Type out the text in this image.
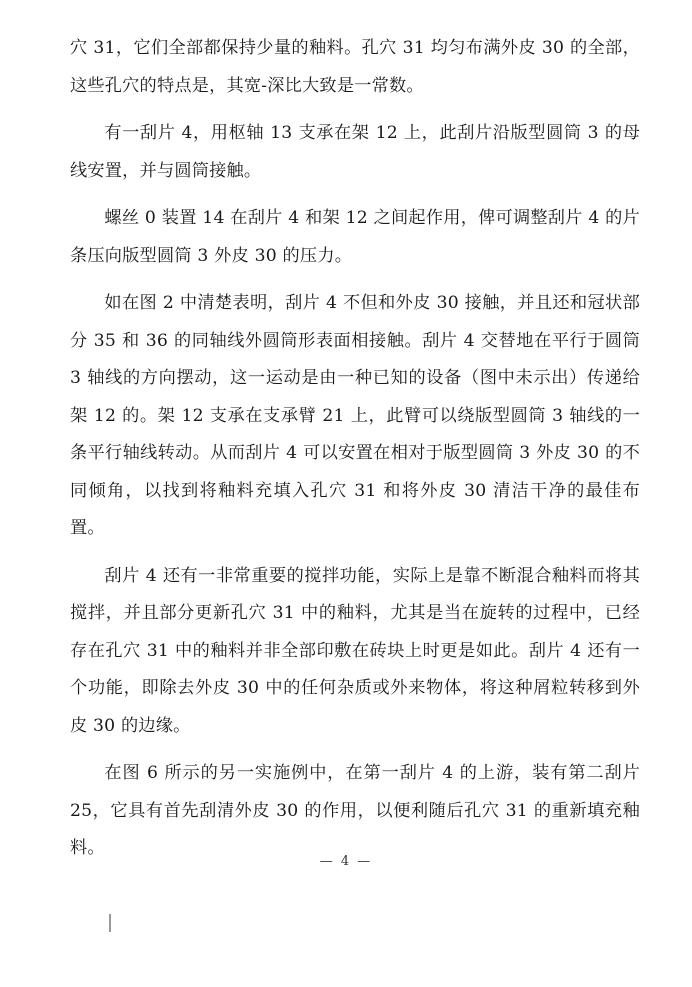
穴 31，它们全部都保持少量的釉料。孔穴 31 均匀布满外皮 30 的全部，这些孔穴的特点是，其宽-深比大致是一常数。

有一刮片 4，用枢轴 13 支承在架 12 上，此刮片沿版型圆筒 3 的母线安置，并与圆筒接触。

螺丝 0 装置 14 在刮片 4 和架 12 之间起作用，俾可调整刮片 4 的片条压向版型圆筒 3 外皮 30 的压力。

如在图 2 中清楚表明，刮片 4 不但和外皮 30 接触，并且还和冠状部分 35 和 36 的同轴线外圆筒形表面相接触。刮片 4 交替地在平行于圆筒 3 轴线的方向摆动，这一运动是由一种已知的设备（图中未示出）传递给架 12 的。架 12 支承在支承臂 21 上，此臂可以绕版型圆筒 3 轴线的一条平行轴线转动。从而刮片 4 可以安置在相对于版型圆筒 3 外皮 30 的不同倾角，以找到将釉料充填入孔穴 31 和将外皮 30 清洁干净的最佳布置。

刮片 4 还有一非常重要的搅拌功能，实际上是靠不断混合釉料而将其搅拌，并且部分更新孔穴 31 中的釉料，尤其是当在旋转的过程中，已经存在孔穴 31 中的釉料并非全部印敷在砖块上时更是如此。刮片 4 还有一个功能，即除去外皮 30 中的任何杂质或外来物体，将这种屑粒转移到外皮 30 的边缘。

在图 6 所示的另一实施例中，在第一刮片 4 的上游，装有第二刮片 25，它具有首先刮清外皮 30 的作用，以便利随后孔穴 31 的重新填充釉料。

— 4 —
